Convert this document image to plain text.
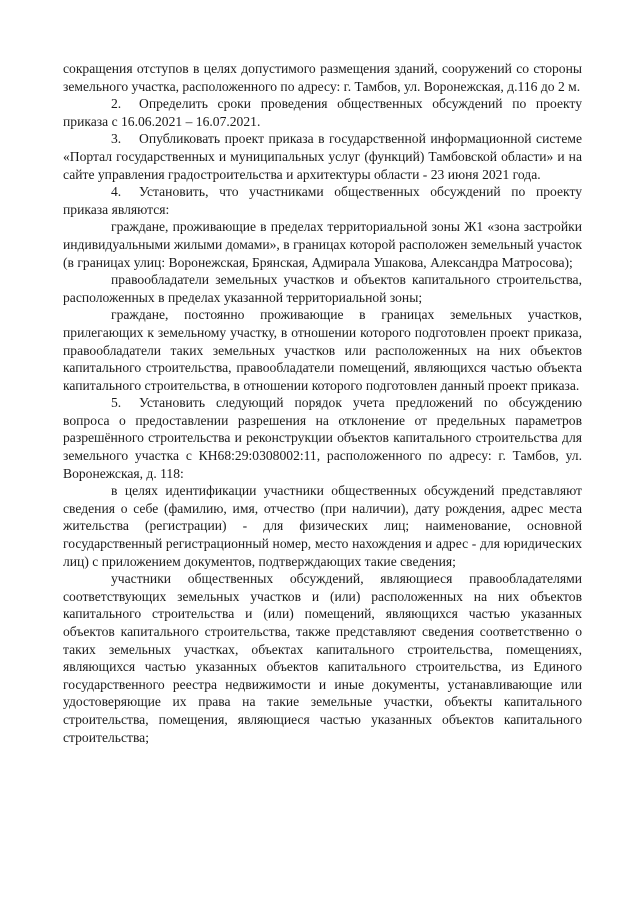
сокращения отступов в целях допустимого размещения зданий, сооружений со стороны земельного участка, расположенного по адресу: г. Тамбов, ул. Воронежская, д.116 до 2 м.

2. Определить сроки проведения общественных обсуждений по проекту приказа с 16.06.2021 – 16.07.2021.

3. Опубликовать проект приказа в государственной информационной системе «Портал государственных и муниципальных услуг (функций) Тамбовской области» и на сайте управления градостроительства и архитектуры области - 23 июня 2021 года.

4. Установить, что участниками общественных обсуждений по проекту приказа являются:

граждане, проживающие в пределах территориальной зоны Ж1 «зона застройки индивидуальными жилыми домами», в границах которой расположен земельный участок (в границах улиц: Воронежская, Брянская, Адмирала Ушакова, Александра Матросова);

правообладатели земельных участков и объектов капитального строительства, расположенных в пределах указанной территориальной зоны;

граждане, постоянно проживающие в границах земельных участков, прилегающих к земельному участку, в отношении которого подготовлен проект приказа, правообладатели таких земельных участков или расположенных на них объектов капитального строительства, правообладатели помещений, являющихся частью объекта капитального строительства, в отношении которого подготовлен данный проект приказа.

5. Установить следующий порядок учета предложений по обсуждению вопроса о предоставлении разрешения на отклонение от предельных параметров разрешённого строительства и реконструкции объектов капитального строительства для земельного участка с КН68:29:0308002:11, расположенного по адресу: г. Тамбов, ул. Воронежская, д. 118:

в целях идентификации участники общественных обсуждений представляют сведения о себе (фамилию, имя, отчество (при наличии), дату рождения, адрес места жительства (регистрации) - для физических лиц; наименование, основной государственный регистрационный номер, место нахождения и адрес - для юридических лиц) с приложением документов, подтверждающих такие сведения;

участники общественных обсуждений, являющиеся правообладателями соответствующих земельных участков и (или) расположенных на них объектов капитального строительства и (или) помещений, являющихся частью указанных объектов капитального строительства, также представляют сведения соответственно о таких земельных участках, объектах капитального строительства, помещениях, являющихся частью указанных объектов капитального строительства, из Единого государственного реестра недвижимости и иные документы, устанавливающие или удостоверяющие их права на такие земельные участки, объекты капитального строительства, помещения, являющиеся частью указанных объектов капитального строительства;
